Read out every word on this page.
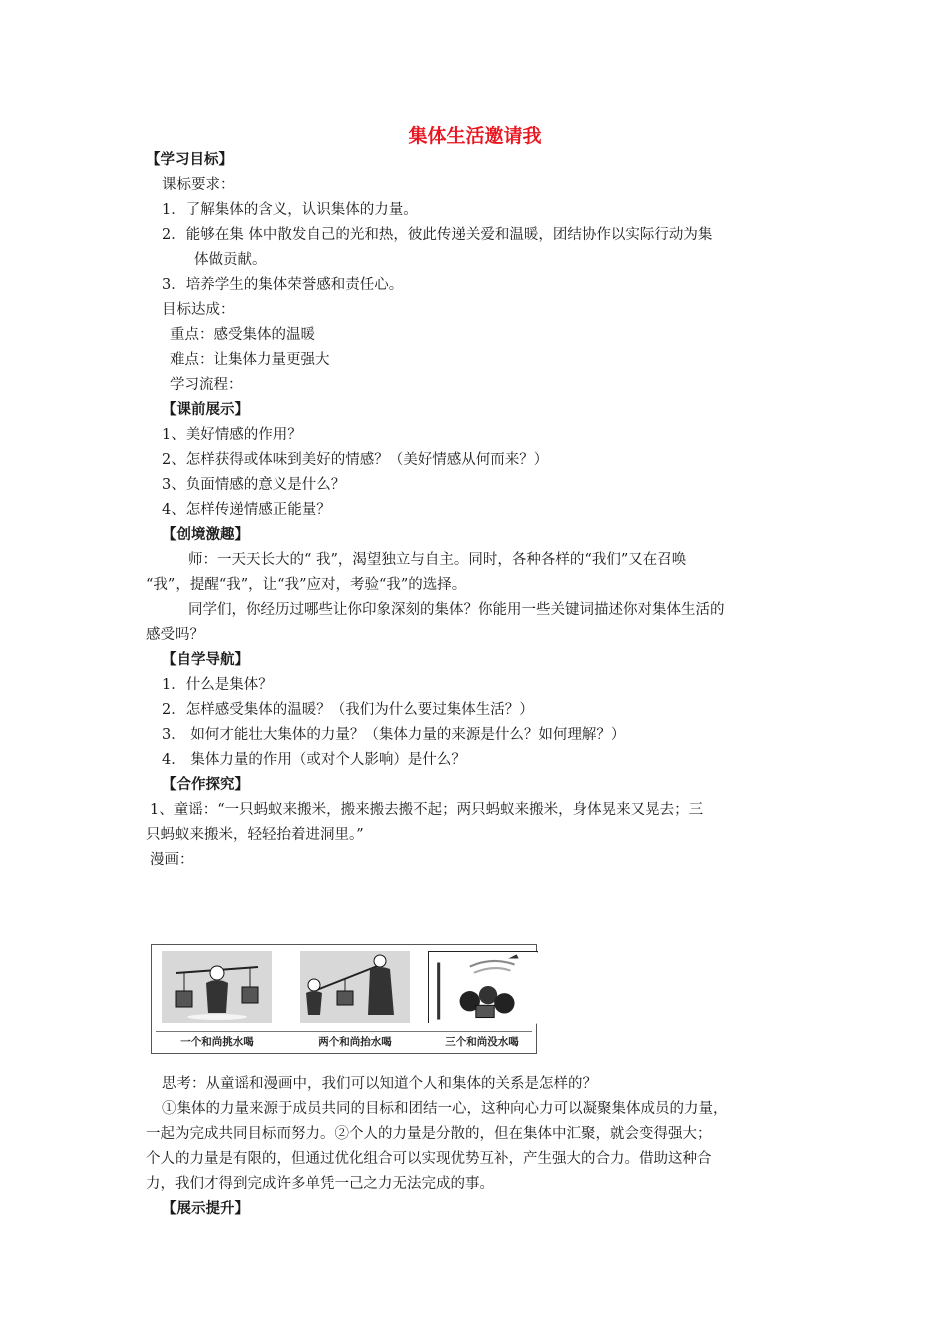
集体生活邀请我
【学习目标】
课标要求：
1．了解集体的含义，认识集体的力量。
2．能够在集 体中散发自己的光和热，彼此传递关爱和温暖，团结协作以实际行动为集
体做贡献。
3．培养学生的集体荣誉感和责任心。
目标达成：
重点：感受集体的温暖
难点：让集体力量更强大
学习流程：
【课前展示】
1、美好情感的作用？
2、怎样获得或体味到美好的情感？（美好情感从何而来？）
3、负面情感的意义是什么？
4、怎样传递情感正能量？
【创境激趣】
师：一天天长大的“ 我”，渴望独立与自主。同时，各种各样的“我们”又在召唤
“我”，提醒“我”，让“我”应对，考验“我”的选择。
同学们，你经历过哪些让你印象深刻的集体？你能用一些关键词描述你对集体生活的
感受吗？
【自学导航】
1．什么是集体？
2．怎样感受集体的温暖？（我们为什么要过集体生活？）
3． 如何才能壮大集体的力量？（集体力量的来源是什么？如何理解？）
4． 集体力量的作用（或对个人影响）是什么？
【合作探究】
1、童谣：“一只蚂蚁来搬米，搬来搬去搬不起；两只蚂蚁来搬米，身体晃来又晃去；三
只蚂蚁来搬米，轻轻抬着进洞里。”
漫画：
一个和尚挑水喝	两个和尚抬水喝	三个和尚没水喝
思考：从童谣和漫画中，我们可以知道个人和集体的关系是怎样的？
①集体的力量来源于成员共同的目标和团结一心，这种向心力可以凝聚集体成员的力量，
一起为完成共同目标而努力。②个人的力量是分散的，但在集体中汇聚，就会变得强大；
个人的力量是有限的，但通过优化组合可以实现优势互补，产生强大的合力。借助这种合
力，我们才得到完成许多单凭一己之力无法完成的事。
【展示提升】
